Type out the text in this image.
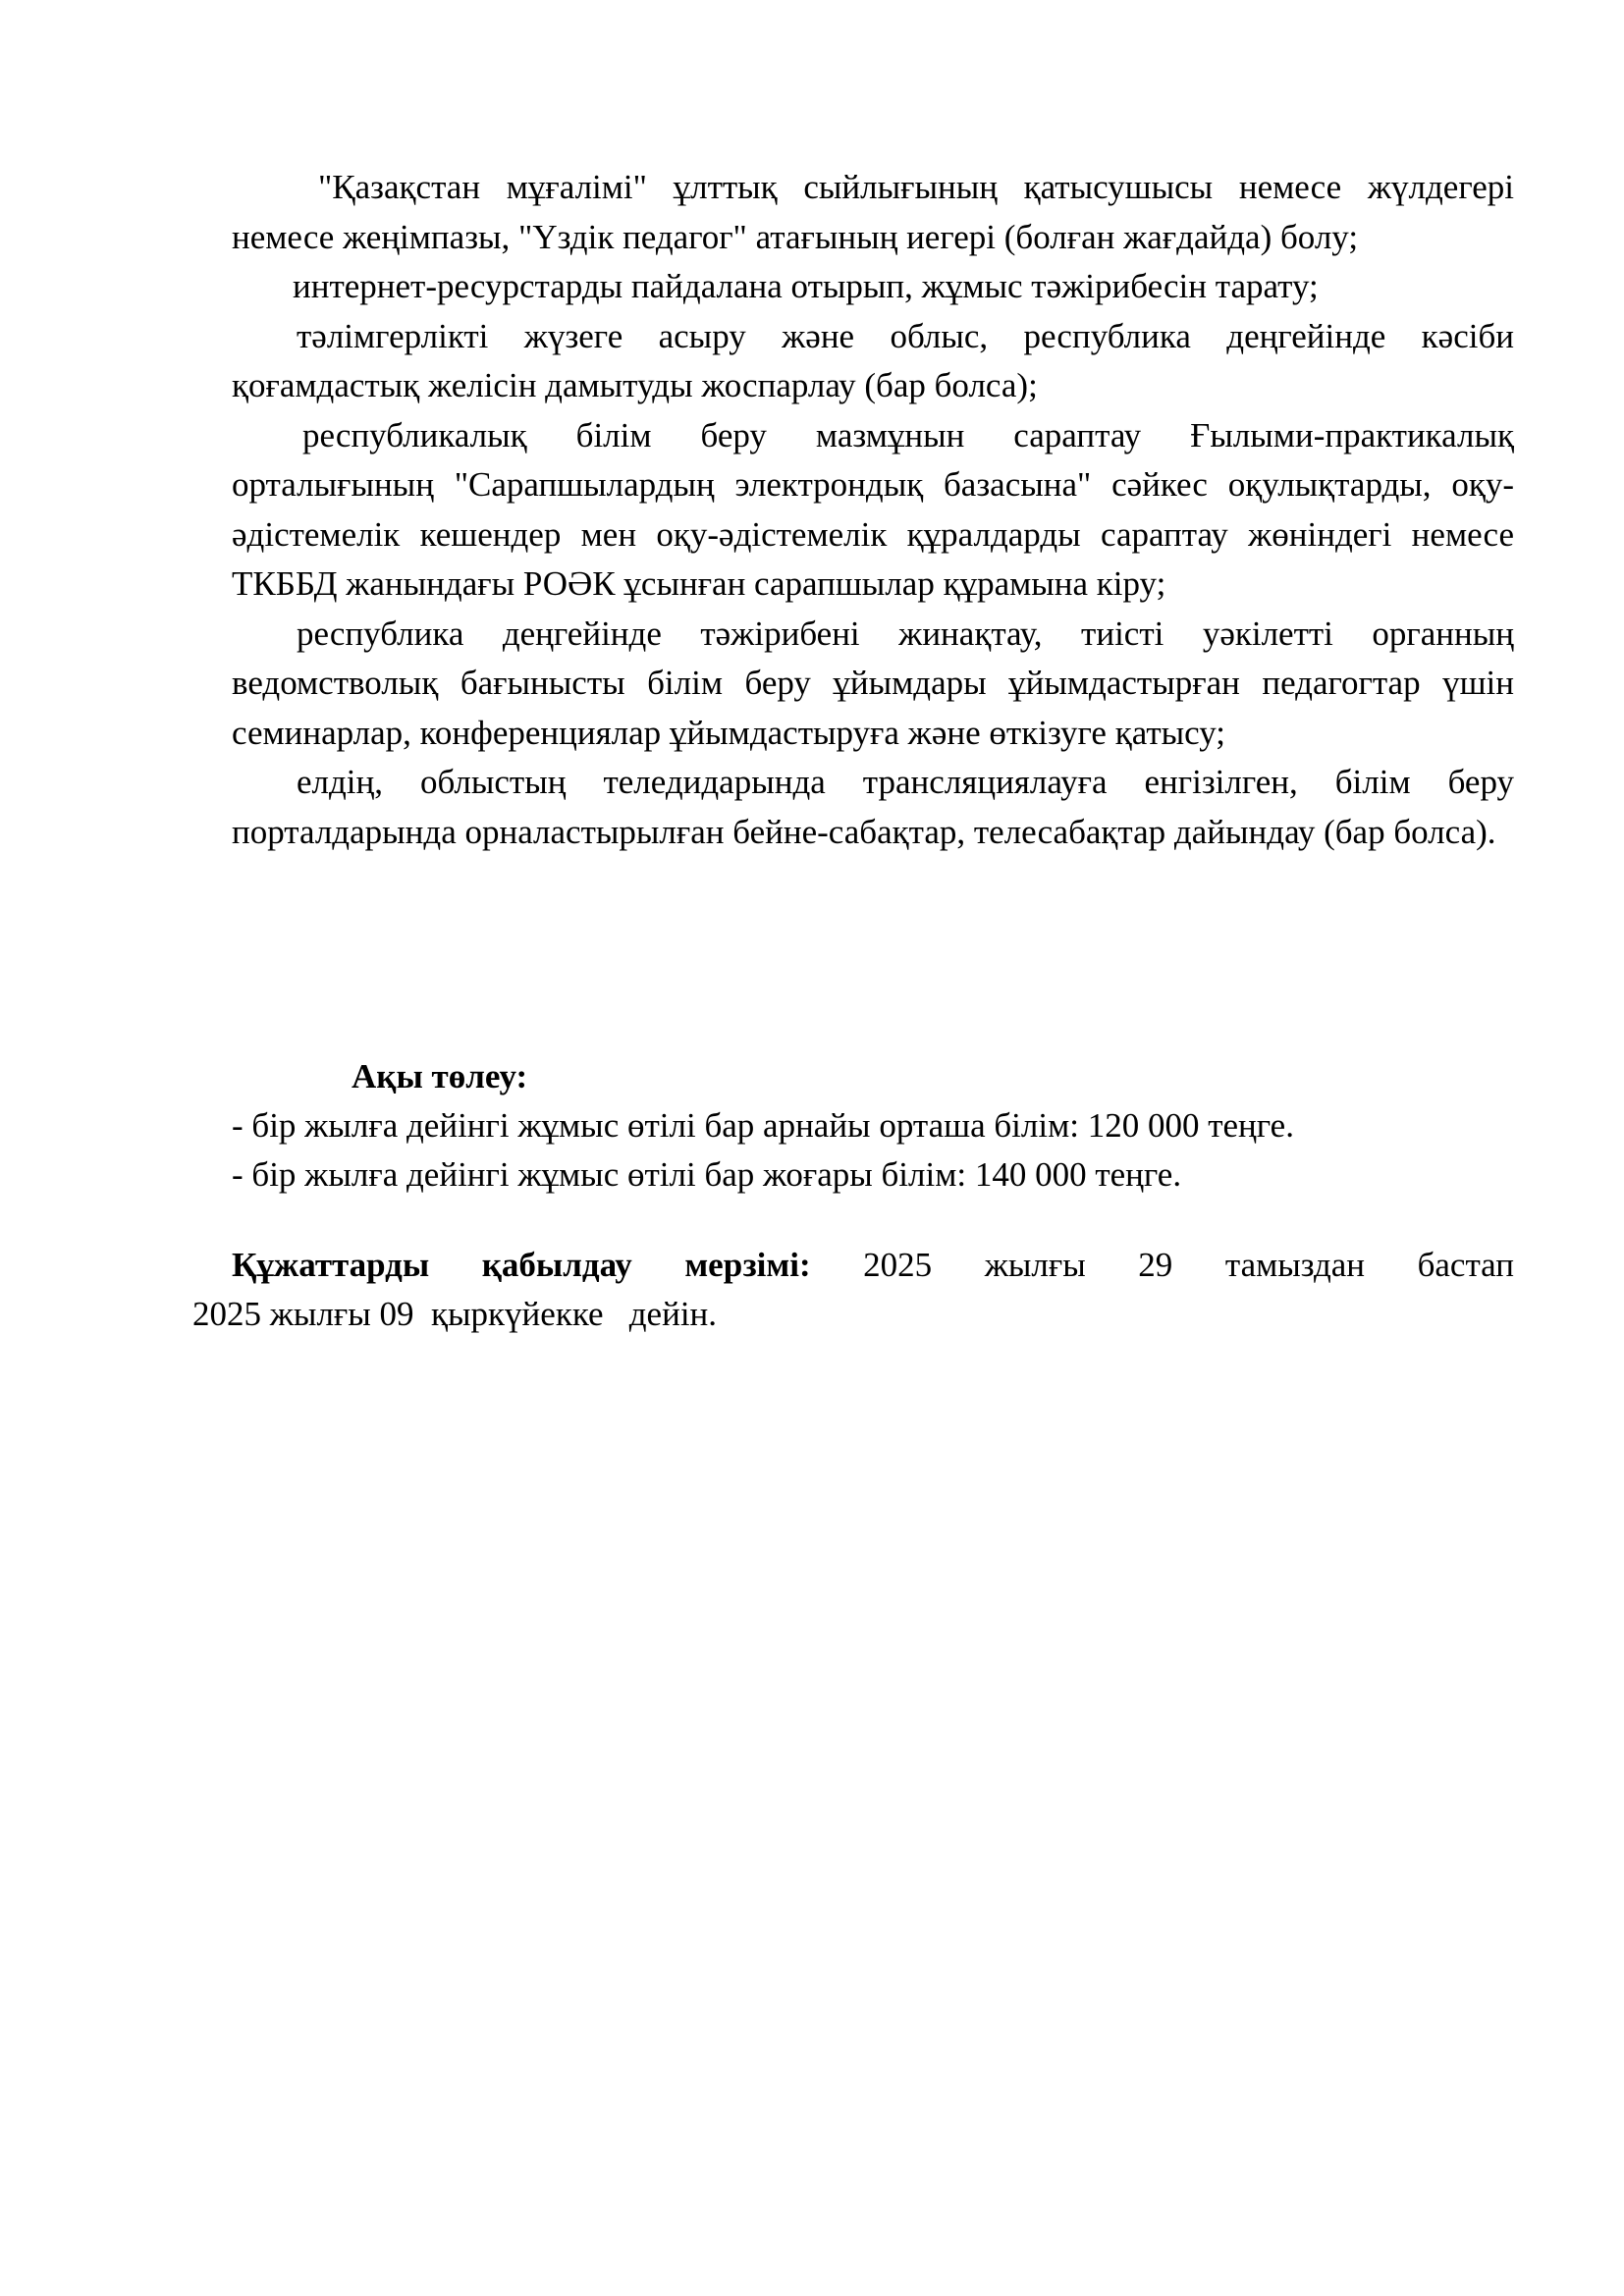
"Қазақстан мұғалімі" ұлттық сыйлығының қатысушысы немесе жүлдегері немесе жеңімпазы, "Үздік педагог" атағының иегері (болған жағдайда) болу;

интернет-ресурстарды пайдалана отырып, жұмыс тәжірибесін тарату;

тәлімгерлікті жүзеге асыру және облыс, республика деңгейінде кәсіби қоғамдастық желісін дамытуды жоспарлау (бар болса);

республикалық білім беру мазмұнын сараптау Ғылыми-практикалық орталығының "Сарапшылардың электрондық базасына" сәйкес оқулықтарды, оқу-әдістемелік кешендер мен оқу-әдістемелік құралдарды сараптау жөніндегі немесе ТКББД жанындағы РОӘК ұсынған сарапшылар құрамына кіру;

республика деңгейінде тәжірибені жинақтау, тиісті уәкілетті органның ведомстволық бағынысты білім беру ұйымдары ұйымдастырған педагогтар үшін семинарлар, конференциялар ұйымдастыруға және өткізуге қатысу;

елдің, облыстың теледидарында трансляциялауға енгізілген, білім беру порталдарында орналастырылған бейне-сабақтар, телесабақтар дайындау (бар болса).

Ақы төлеу:

- бір жылға дейінгі жұмыс өтілі бар арнайы орташа білім: 120 000 теңге.

- бір жылға дейінгі жұмыс өтілі бар жоғары білім: 140 000 теңге.

Құжаттарды қабылдау мерзімі: 2025 жылғы 29 тамыздан бастап
2025 жылғы 09  қыркүйекке   дейін.
